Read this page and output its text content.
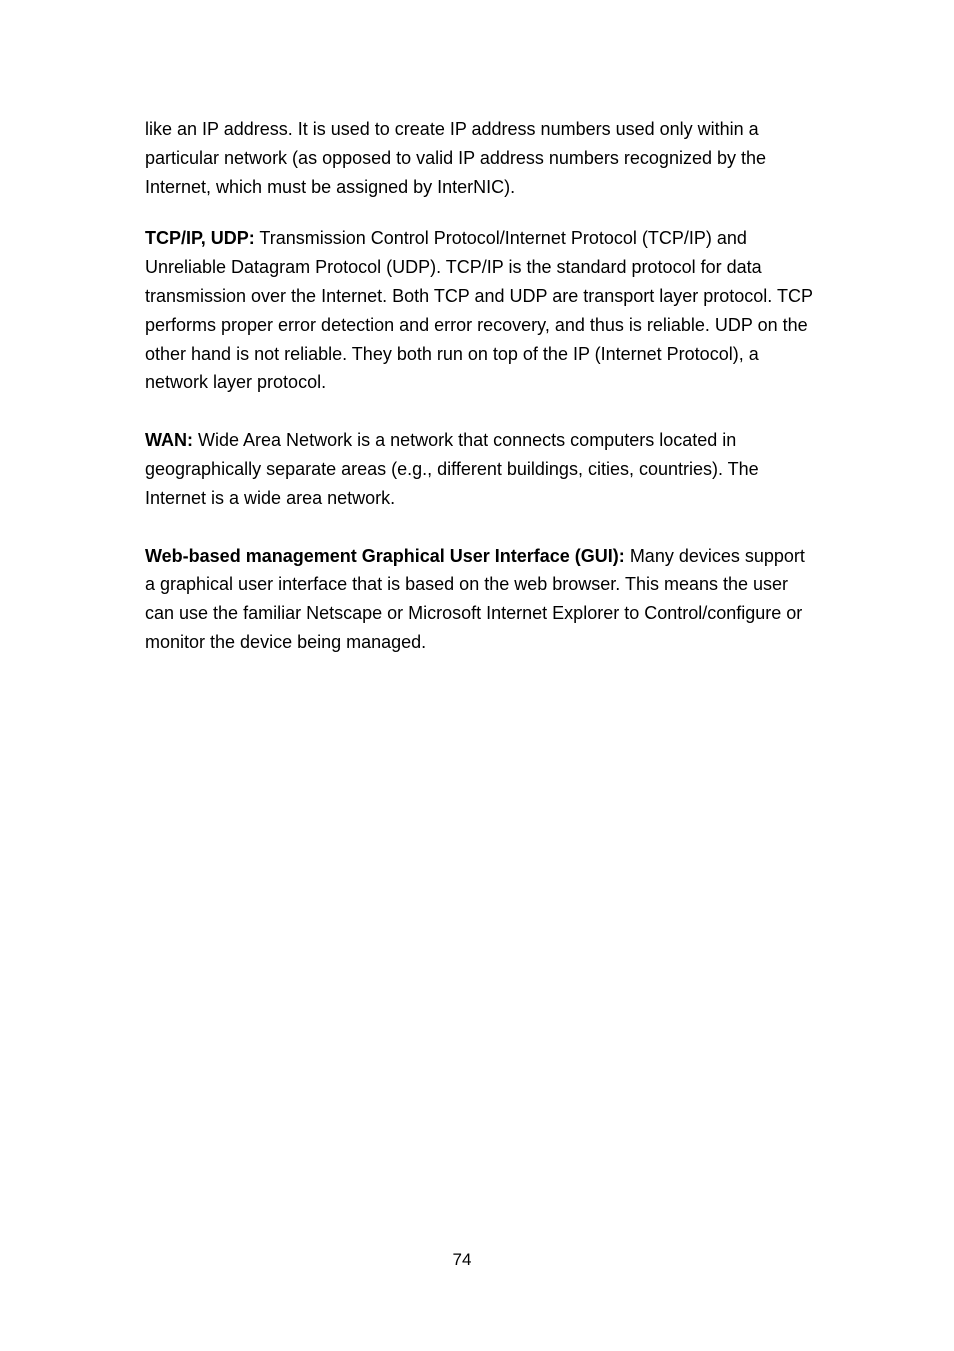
like an IP address. It is used to create IP address numbers used only within a particular network (as opposed to valid IP address numbers recognized by the Internet, which must be assigned by InterNIC).

TCP/IP, UDP: Transmission Control Protocol/Internet Protocol (TCP/IP) and Unreliable Datagram Protocol (UDP). TCP/IP is the standard protocol for data transmission over the Internet. Both TCP and UDP are transport layer protocol. TCP performs proper error detection and error recovery, and thus is reliable. UDP on the other hand is not reliable. They both run on top of the IP (Internet Protocol), a network layer protocol.

WAN: Wide Area Network is a network that connects computers located in geographically separate areas (e.g., different buildings, cities, countries). The Internet is a wide area network.

Web-based management Graphical User Interface (GUI): Many devices support a graphical user interface that is based on the web browser. This means the user can use the familiar Netscape or Microsoft Internet Explorer to Control/configure or monitor the device being managed.

74
